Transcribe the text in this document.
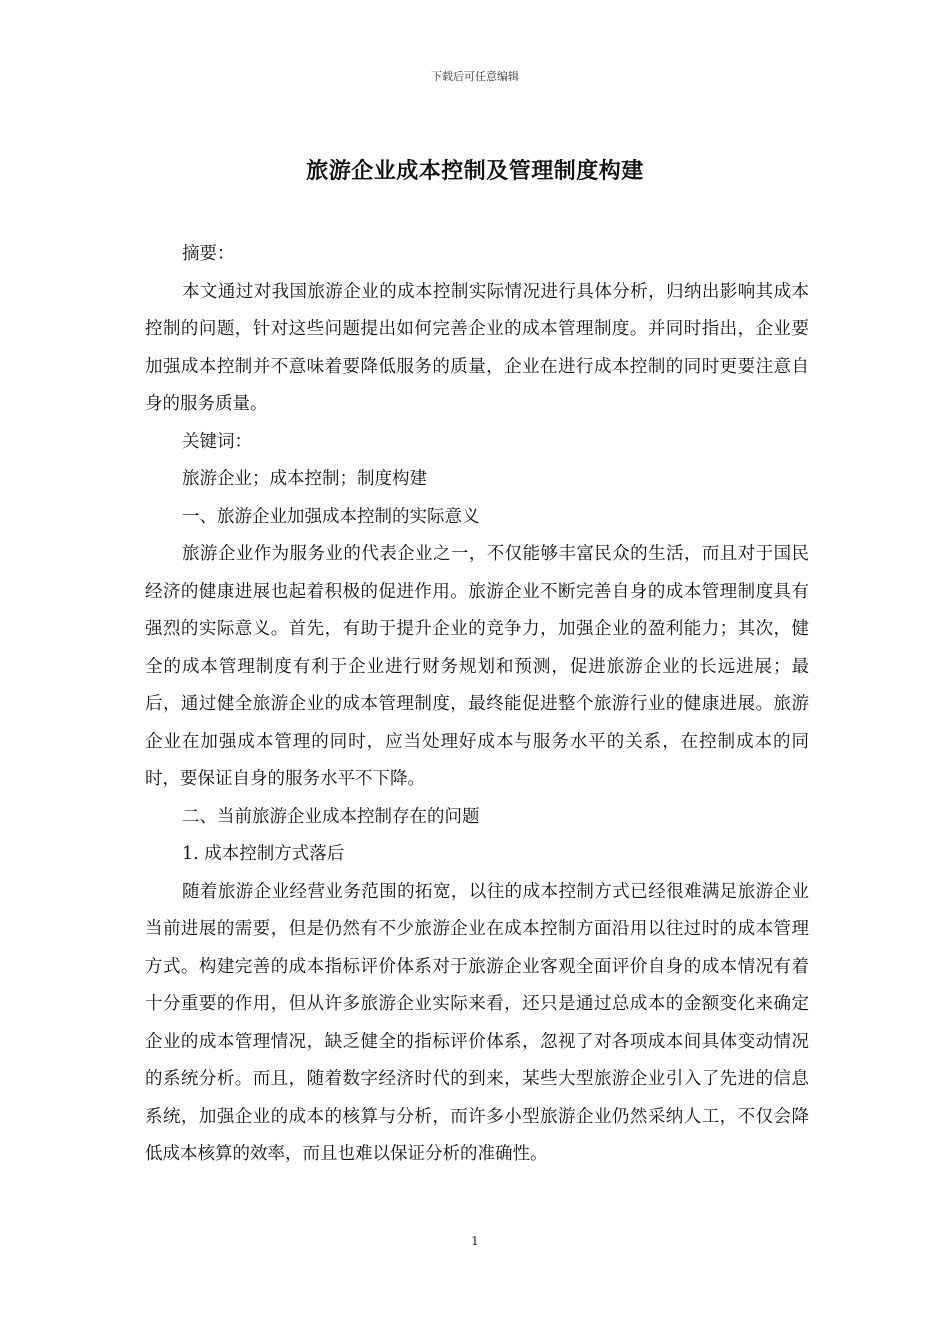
下载后可任意编辑
旅游企业成本控制及管理制度构建

摘要：

本文通过对我国旅游企业的成本控制实际情况进行具体分析，归纳出影响其成本控制的问题，针对这些问题提出如何完善企业的成本管理制度。并同时指出，企业要加强成本控制并不意味着要降低服务的质量，企业在进行成本控制的同时更要注意自身的服务质量。

关键词：

旅游企业；成本控制；制度构建

一、旅游企业加强成本控制的实际意义

旅游企业作为服务业的代表企业之一，不仅能够丰富民众的生活，而且对于国民经济的健康进展也起着积极的促进作用。旅游企业不断完善自身的成本管理制度具有强烈的实际意义。首先，有助于提升企业的竞争力，加强企业的盈利能力；其次，健全的成本管理制度有利于企业进行财务规划和预测，促进旅游企业的长远进展；最后，通过健全旅游企业的成本管理制度，最终能促进整个旅游行业的健康进展。旅游企业在加强成本管理的同时，应当处理好成本与服务水平的关系，在控制成本的同时，要保证自身的服务水平不下降。

二、当前旅游企业成本控制存在的问题

1. 成本控制方式落后

随着旅游企业经营业务范围的拓宽，以往的成本控制方式已经很难满足旅游企业当前进展的需要，但是仍然有不少旅游企业在成本控制方面沿用以往过时的成本管理方式。构建完善的成本指标评价体系对于旅游企业客观全面评价自身的成本情况有着十分重要的作用，但从许多旅游企业实际来看，还只是通过总成本的金额变化来确定企业的成本管理情况，缺乏健全的指标评价体系，忽视了对各项成本间具体变动情况的系统分析。而且，随着数字经济时代的到来，某些大型旅游企业引入了先进的信息系统，加强企业的成本的核算与分析，而许多小型旅游企业仍然采纳人工，不仅会降低成本核算的效率，而且也难以保证分析的准确性。

1
